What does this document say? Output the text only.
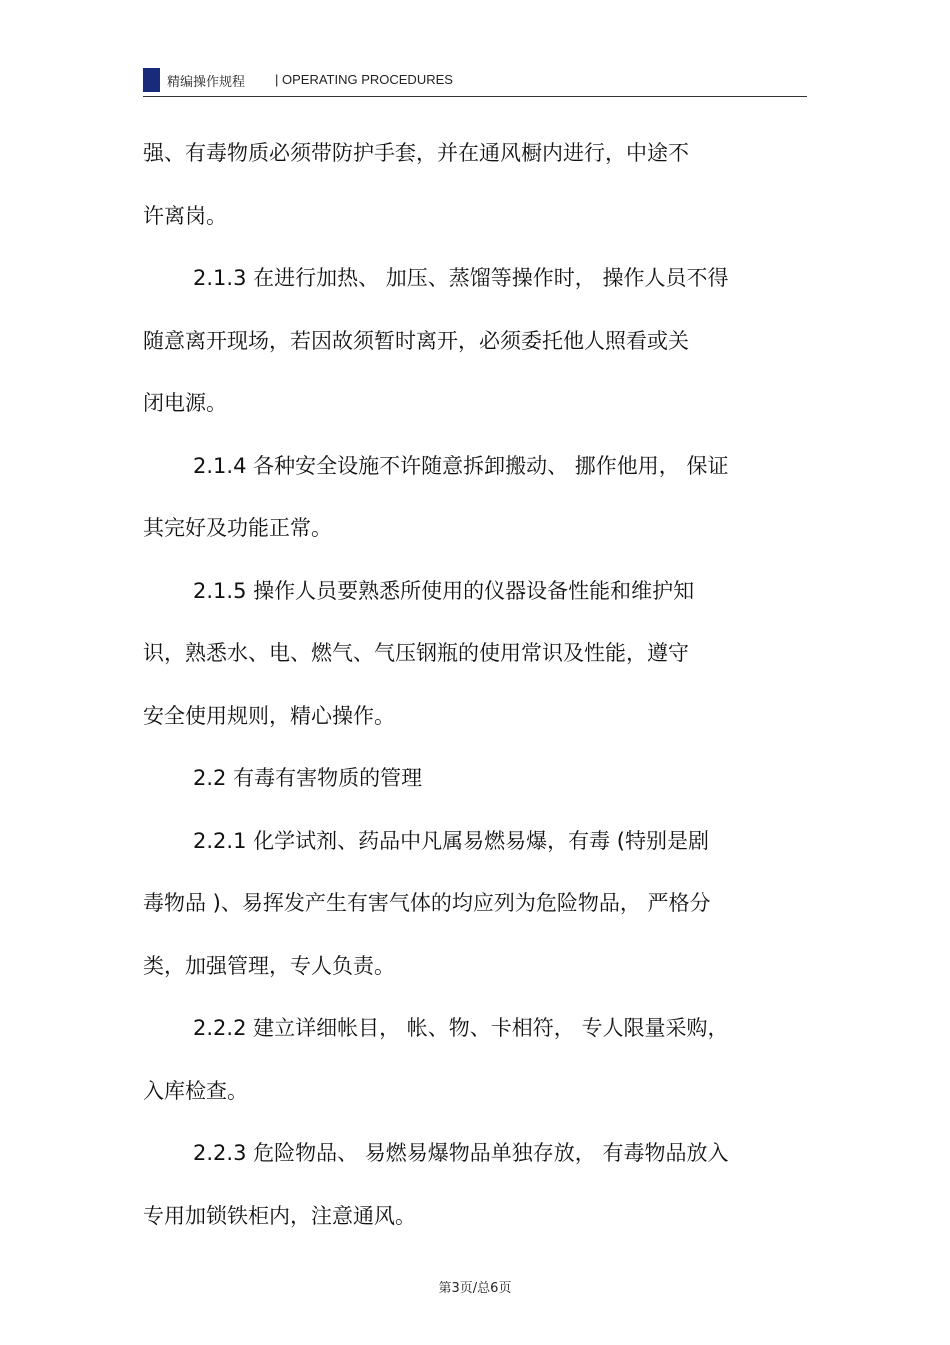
精编操作规程 | OPERATING PROCEDURES
强、有毒物质必须带防护手套，并在通风橱内进行，中途不
许离岗。
2.1.3 在进行加热、 加压、蒸馏等操作时， 操作人员不得
随意离开现场，若因故须暂时离开，必须委托他人照看或关
闭电源。
2.1.4 各种安全设施不许随意拆卸搬动、 挪作他用， 保证
其完好及功能正常。
2.1.5 操作人员要熟悉所使用的仪器设备性能和维护知
识，熟悉水、电、燃气、气压钢瓶的使用常识及性能，遵守
安全使用规则，精心操作。
2.2 有毒有害物质的管理
2.2.1 化学试剂、药品中凡属易燃易爆，有毒 (特别是剧
毒物品 )、易挥发产生有害气体的均应列为危险物品， 严格分
类，加强管理，专人负责。
2.2.2 建立详细帐目， 帐、物、卡相符， 专人限量采购，
入库检查。
2.2.3 危险物品、 易燃易爆物品单独存放， 有毒物品放入
专用加锁铁柜内，注意通风。
第3页/总6页
